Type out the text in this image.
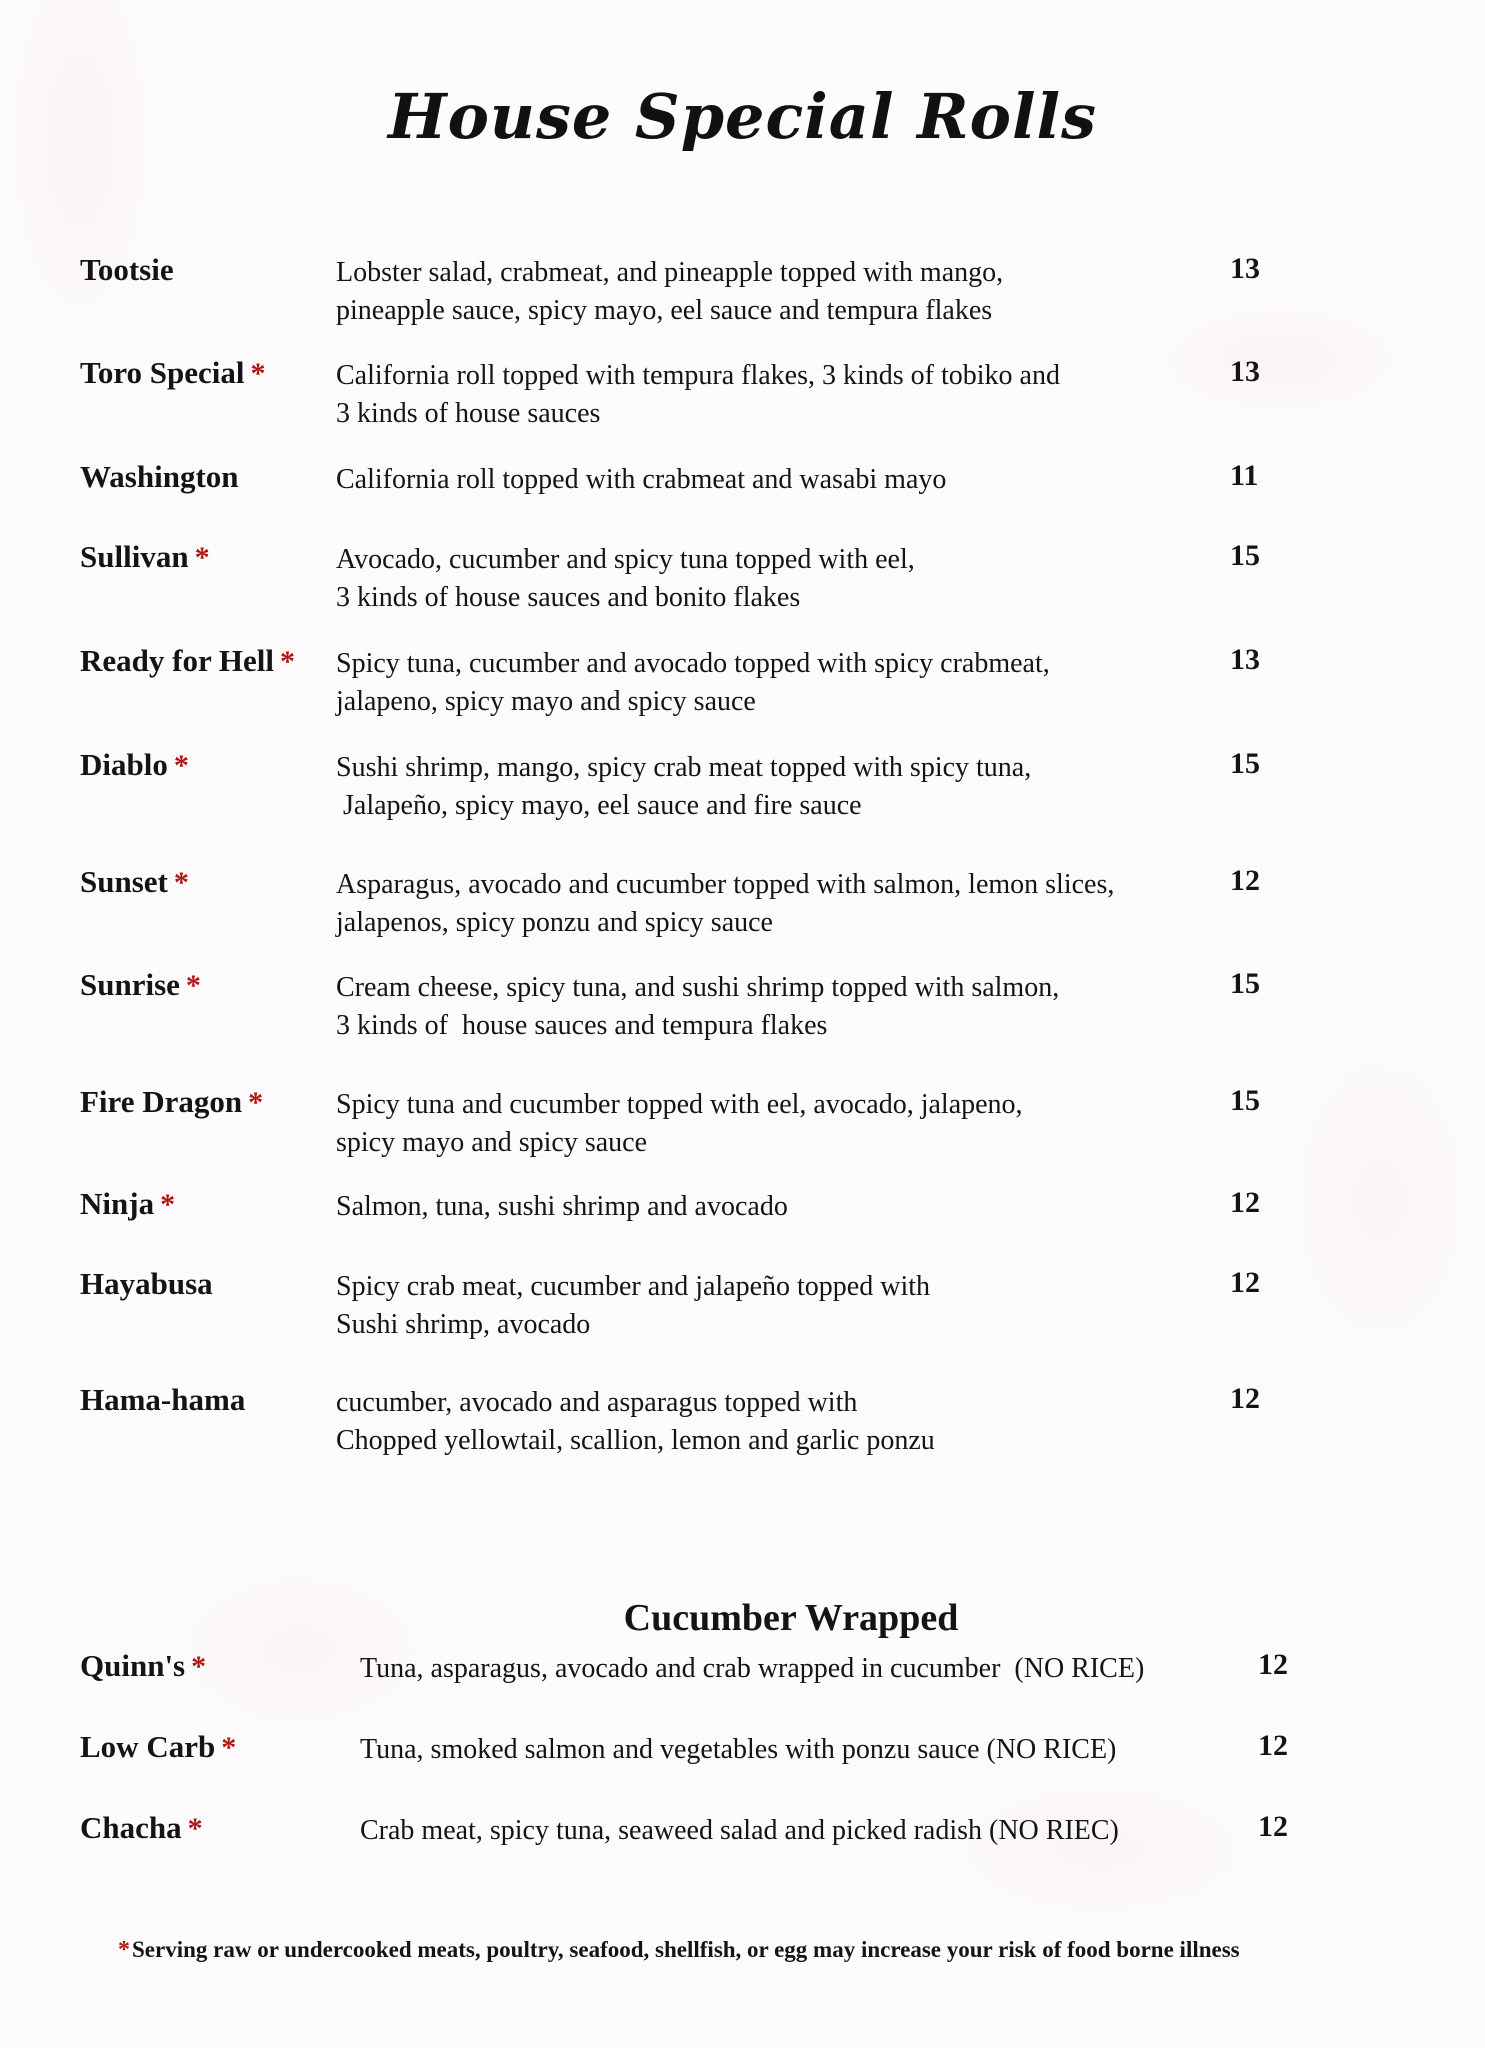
House Special Rolls
Tootsie	Lobster salad, crabmeat, and pineapple topped with mango,
pineapple sauce, spicy mayo, eel sauce and tempura flakes
13
Toro Special *	California roll topped with tempura flakes, 3 kinds of tobiko and
3 kinds of house sauces
13
Washington	California roll topped with crabmeat and wasabi mayo	11
Sullivan *	Avocado, cucumber and spicy tuna topped with eel,
3 kinds of house sauces and bonito flakes
15
Ready for Hell * Spicy tuna, cucumber and avocado topped with spicy crabmeat,
jalapeno, spicy mayo and spicy sauce
13
Diablo *	Sushi shrimp, mango, spicy crab meat topped with spicy tuna,
Jalapeño, spicy mayo, eel sauce and fire sauce
15
Sunset *	Asparagus, avocado and cucumber topped with salmon, lemon slices,
jalapenos, spicy ponzu and spicy sauce
12
Sunrise *	Cream cheese, spicy tuna, and sushi shrimp topped with salmon,
3 kinds of  house sauces and tempura flakes
15
Fire Dragon *	Spicy tuna and cucumber topped with eel, avocado, jalapeno,
spicy mayo and spicy sauce
15
Ninja *	Salmon, tuna, sushi shrimp and avocado	12
Hayabusa	Spicy crab meat, cucumber and jalapeño topped with
Sushi shrimp, avocado
12
Hama-hama	cucumber, avocado and asparagus topped with
Chopped yellowtail, scallion, lemon and garlic ponzu
12
Cucumber Wrapped
Quinn's *	Tuna, asparagus, avocado and crab wrapped in cucumber  (NO RICE)	12
Low Carb *	Tuna, smoked salmon and vegetables with ponzu sauce (NO RICE)	12
Chacha *	Crab meat, spicy tuna, seaweed salad and picked radish (NO RIEC)	12
*Serving raw or undercooked meats, poultry, seafood, shellfish, or egg may increase your risk of food borne illness
